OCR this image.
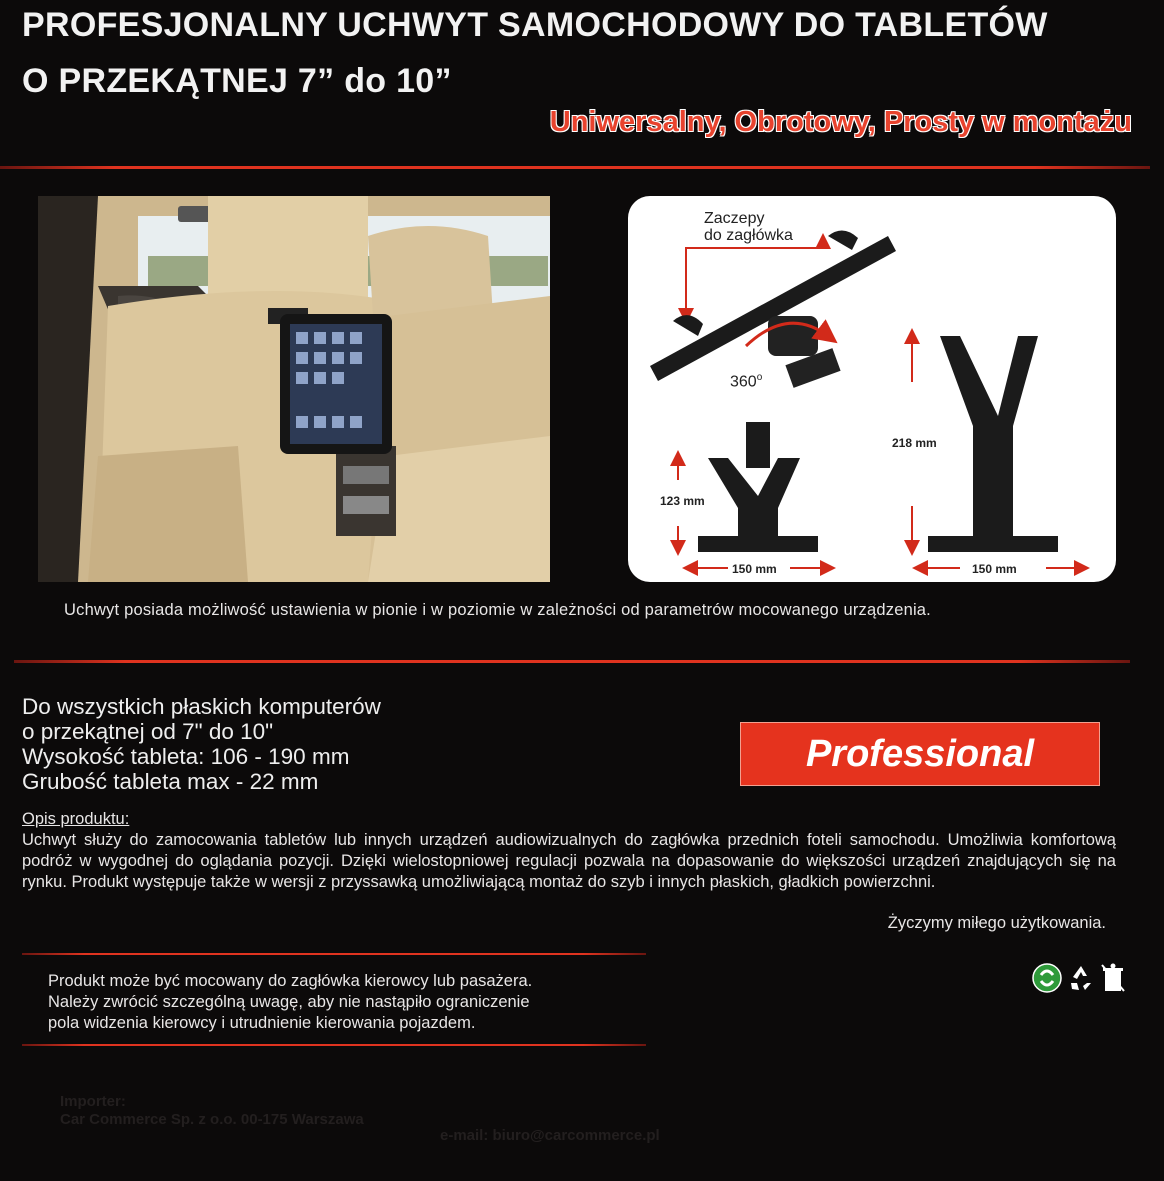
PROFESJONALNY UCHWYT SAMOCHODOWY DO TABLETÓW
O PRZEKĄTNEJ 7” do 10”
Uniwersalny, Obrotowy, Prosty w montażu
Zaczepy
do zagłówka
360$^o$
123 mm
150 mm
218 mm
150 mm
Uchwyt posiada możliwość ustawienia w pionie i w poziomie w zależności od parametrów mocowanego urządzenia.
Do wszystkich płaskich komputerów
o przekątnej od 7" do 10"
Wysokość tableta: 106 - 190 mm
Grubość tableta max - 22 mm
Professional
Opis produktu:
Uchwyt służy do zamocowania tabletów lub innych urządzeń audiowizualnych do zagłówka przednich foteli samochodu. Umożliwia komfortową podróż w wygodnej do oglądania pozycji. Dzięki wielostopniowej regulacji pozwala na dopasowanie do większości urządzeń znajdujących się na rynku. Produkt występuje także w wersji z przyssawką umożliwiającą montaż do szyb i innych płaskich, gładkich powierzchni.
Życzymy miłego użytkowania.
Produkt może być mocowany do zagłówka kierowcy lub pasażera.
Należy zwrócić szczególną uwagę, aby nie nastąpiło ograniczenie
pola widzenia kierowcy i utrudnienie kierowania pojazdem.
Importer:
Car Commerce Sp. z o.o. 00-175 Warszawa
e-mail: biuro@carcommerce.pl
